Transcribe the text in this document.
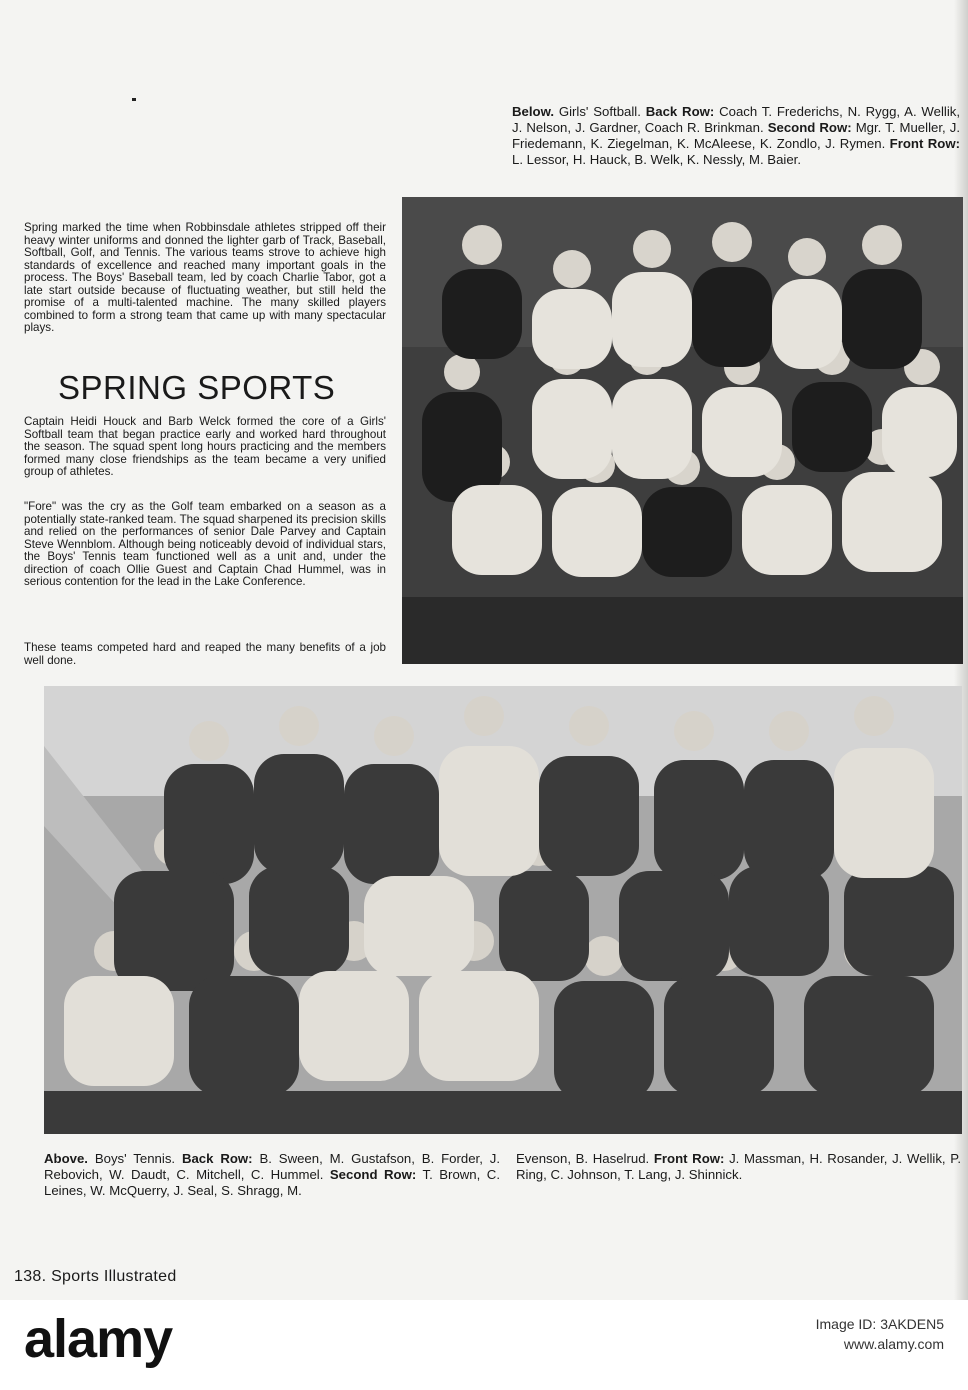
Below. Girls' Softball. Back Row: Coach T. Frederichs, N. Rygg, A. Wellik, J. Nelson, J. Gardner, Coach R. Brinkman. Second Row: Mgr. T. Mueller, J. Friedemann, K. Ziegelman, K. McAleese, K. Zondlo, J. Rymen. Front Row: L. Lessor, H. Hauck, B. Welk, K. Nessly, M. Baier.
Spring marked the time when Robbinsdale athletes stripped off their heavy winter uniforms and donned the lighter garb of Track, Baseball, Softball, Golf, and Tennis. The various teams strove to achieve high standards of excellence and reached many important goals in the process. The Boys' Baseball team, led by coach Charlie Tabor, got a late start outside because of fluctuating weather, but still held the promise of a multi-talented machine. The many skilled players combined to form a strong team that came up with many spectacular plays.
SPRING SPORTS
Captain Heidi Houck and Barb Welck formed the core of a Girls' Softball team that began practice early and worked hard throughout the season. The squad spent long hours practicing and the members formed many close friendships as the team became a very unified group of athletes.
"Fore" was the cry as the Golf team embarked on a season as a potentially state-ranked team. The squad sharpened its precision skills and relied on the performances of senior Dale Parvey and Captain Steve Wennblom. Although being noticeably devoid of individual stars, the Boys' Tennis team functioned well as a unit and, under the direction of coach Ollie Guest and Captain Chad Hummel, was in serious contention for the lead in the Lake Conference.
These teams competed hard and reaped the many benefits of a job well done.
Above. Boys' Tennis. Back Row: B. Sween, M. Gustafson, B. Forder, J. Rebovich, W. Daudt, C. Mitchell, C. Hummel. Second Row: T. Brown, C. Leines, W. McQuerry, J. Seal, S. Shragg, M.
Evenson, B. Haselrud. Front Row: J. Massman, H. Rosander, J. Wellik, P. Ring, C. Johnson, T. Lang, J. Shinnick.
138. Sports Illustrated
alamy	Image ID: 3AKDEN5
www.alamy.com
